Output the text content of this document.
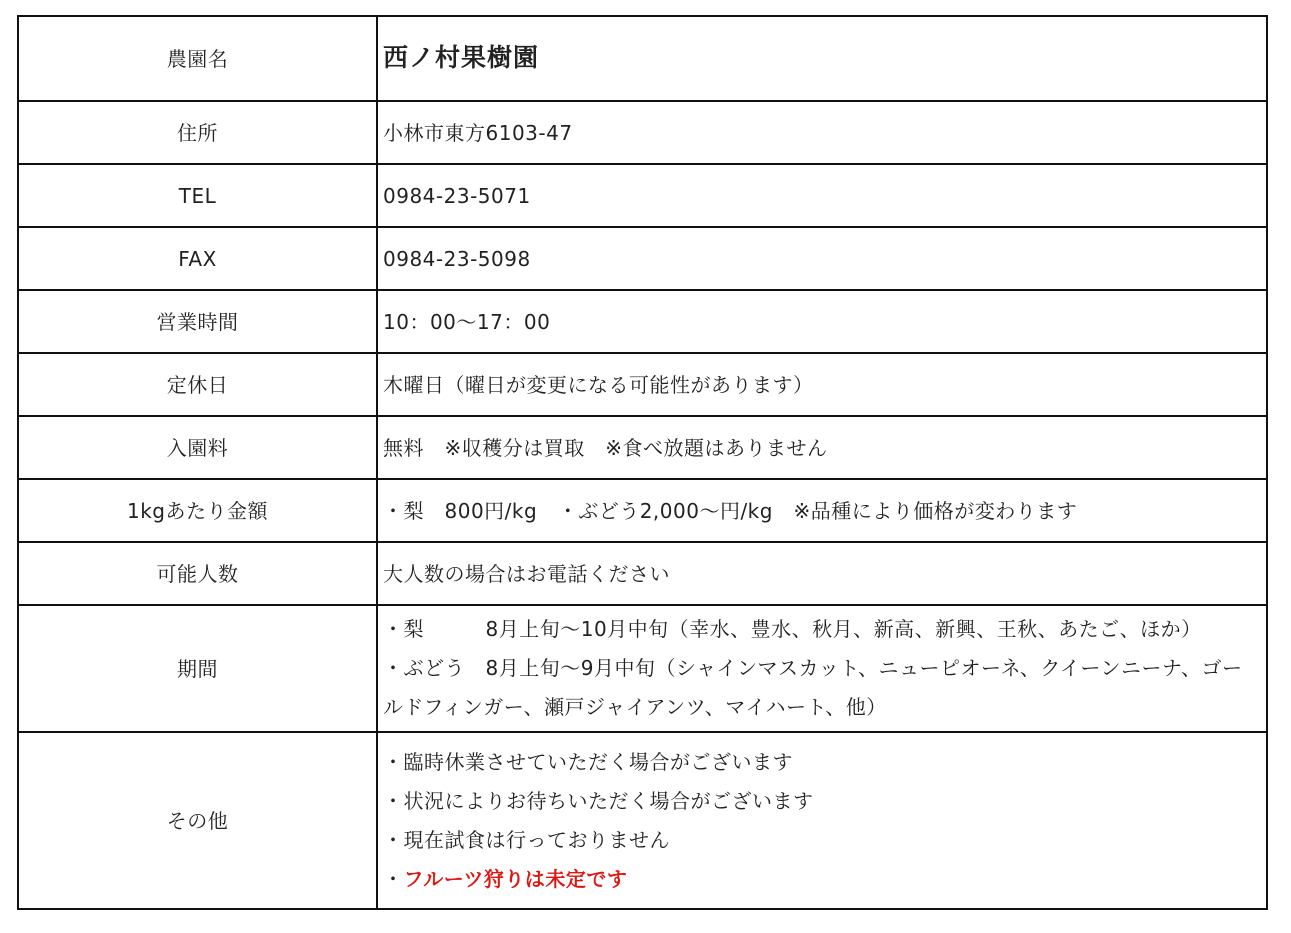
農園名	西ノ村果樹園
住所	小林市東方6103-47
TEL	0984-23-5071
FAX	0984-23-5098
営業時間	10：00～17：00
定休日	木曜日（曜日が変更になる可能性があります）
入園料	無料　※収穫分は買取　※食べ放題はありません
1kgあたり金額	・梨　800円/kg　・ぶどう2,000～円/kg　※品種により価格が変わります
可能人数	大人数の場合はお電話ください
期間	・梨　　　8月上旬～10月中旬（幸水、豊水、秋月、新高、新興、王秋、あたご、ほか）
・ぶどう　8月上旬～9月中旬（シャインマスカット、ニューピオーネ、クイーンニーナ、ゴールドフィンガー、瀬戸ジャイアンツ、マイハート、他）

その他	・臨時休業させていただく場合がございます
・状況によりお待ちいただく場合がございます
・現在試食は行っておりません
・フルーツ狩りは未定です
